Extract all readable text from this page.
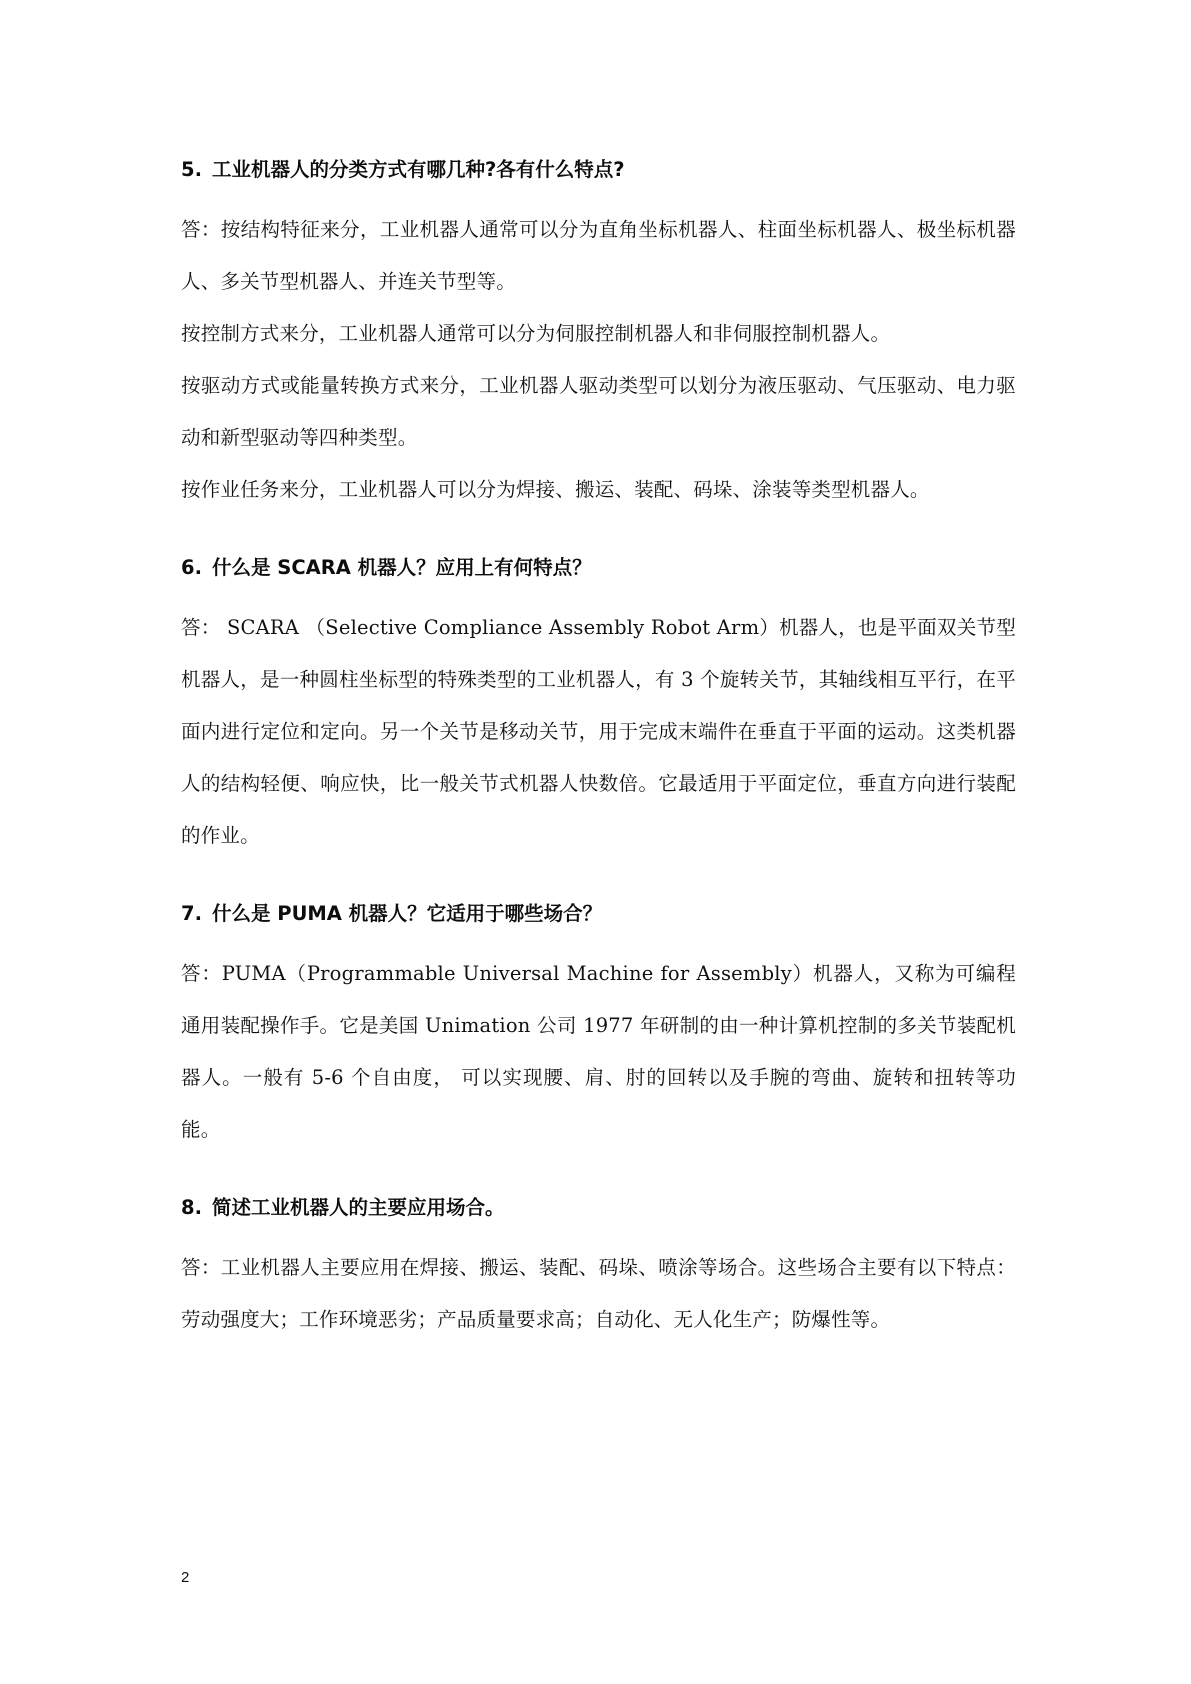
5. 工业机器人的分类方式有哪几种?各有什么特点?

答：按结构特征来分，工业机器人通常可以分为直角坐标机器人、柱面坐标机器人、极坐标机器人、多关节型机器人、并连关节型等。

按控制方式来分，工业机器人通常可以分为伺服控制机器人和非伺服控制机器人。

按驱动方式或能量转换方式来分，工业机器人驱动类型可以划分为液压驱动、气压驱动、电力驱动和新型驱动等四种类型。

按作业任务来分，工业机器人可以分为焊接、搬运、装配、码垛、涂装等类型机器人。

6. 什么是 SCARA 机器人？应用上有何特点？

答： SCARA （Selective Compliance Assembly Robot Arm）机器人，也是平面双关节型机器人，是一种圆柱坐标型的特殊类型的工业机器人，有 3 个旋转关节，其轴线相互平行，在平面内进行定位和定向。另一个关节是移动关节，用于完成末端件在垂直于平面的运动。这类机器人的结构轻便、响应快，比一般关节式机器人快数倍。它最适用于平面定位，垂直方向进行装配的作业。

7. 什么是 PUMA 机器人？它适用于哪些场合？

答：PUMA（Programmable Universal Machine for Assembly）机器人，又称为可编程通用装配操作手。它是美国 Unimation 公司 1977 年研制的由一种计算机控制的多关节装配机器人。一般有 5-6 个自由度， 可以实现腰、肩、肘的回转以及手腕的弯曲、旋转和扭转等功能。

8. 简述工业机器人的主要应用场合。

答：工业机器人主要应用在焊接、搬运、装配、码垛、喷涂等场合。这些场合主要有以下特点：劳动强度大；工作环境恶劣；产品质量要求高；自动化、无人化生产；防爆性等。

2
